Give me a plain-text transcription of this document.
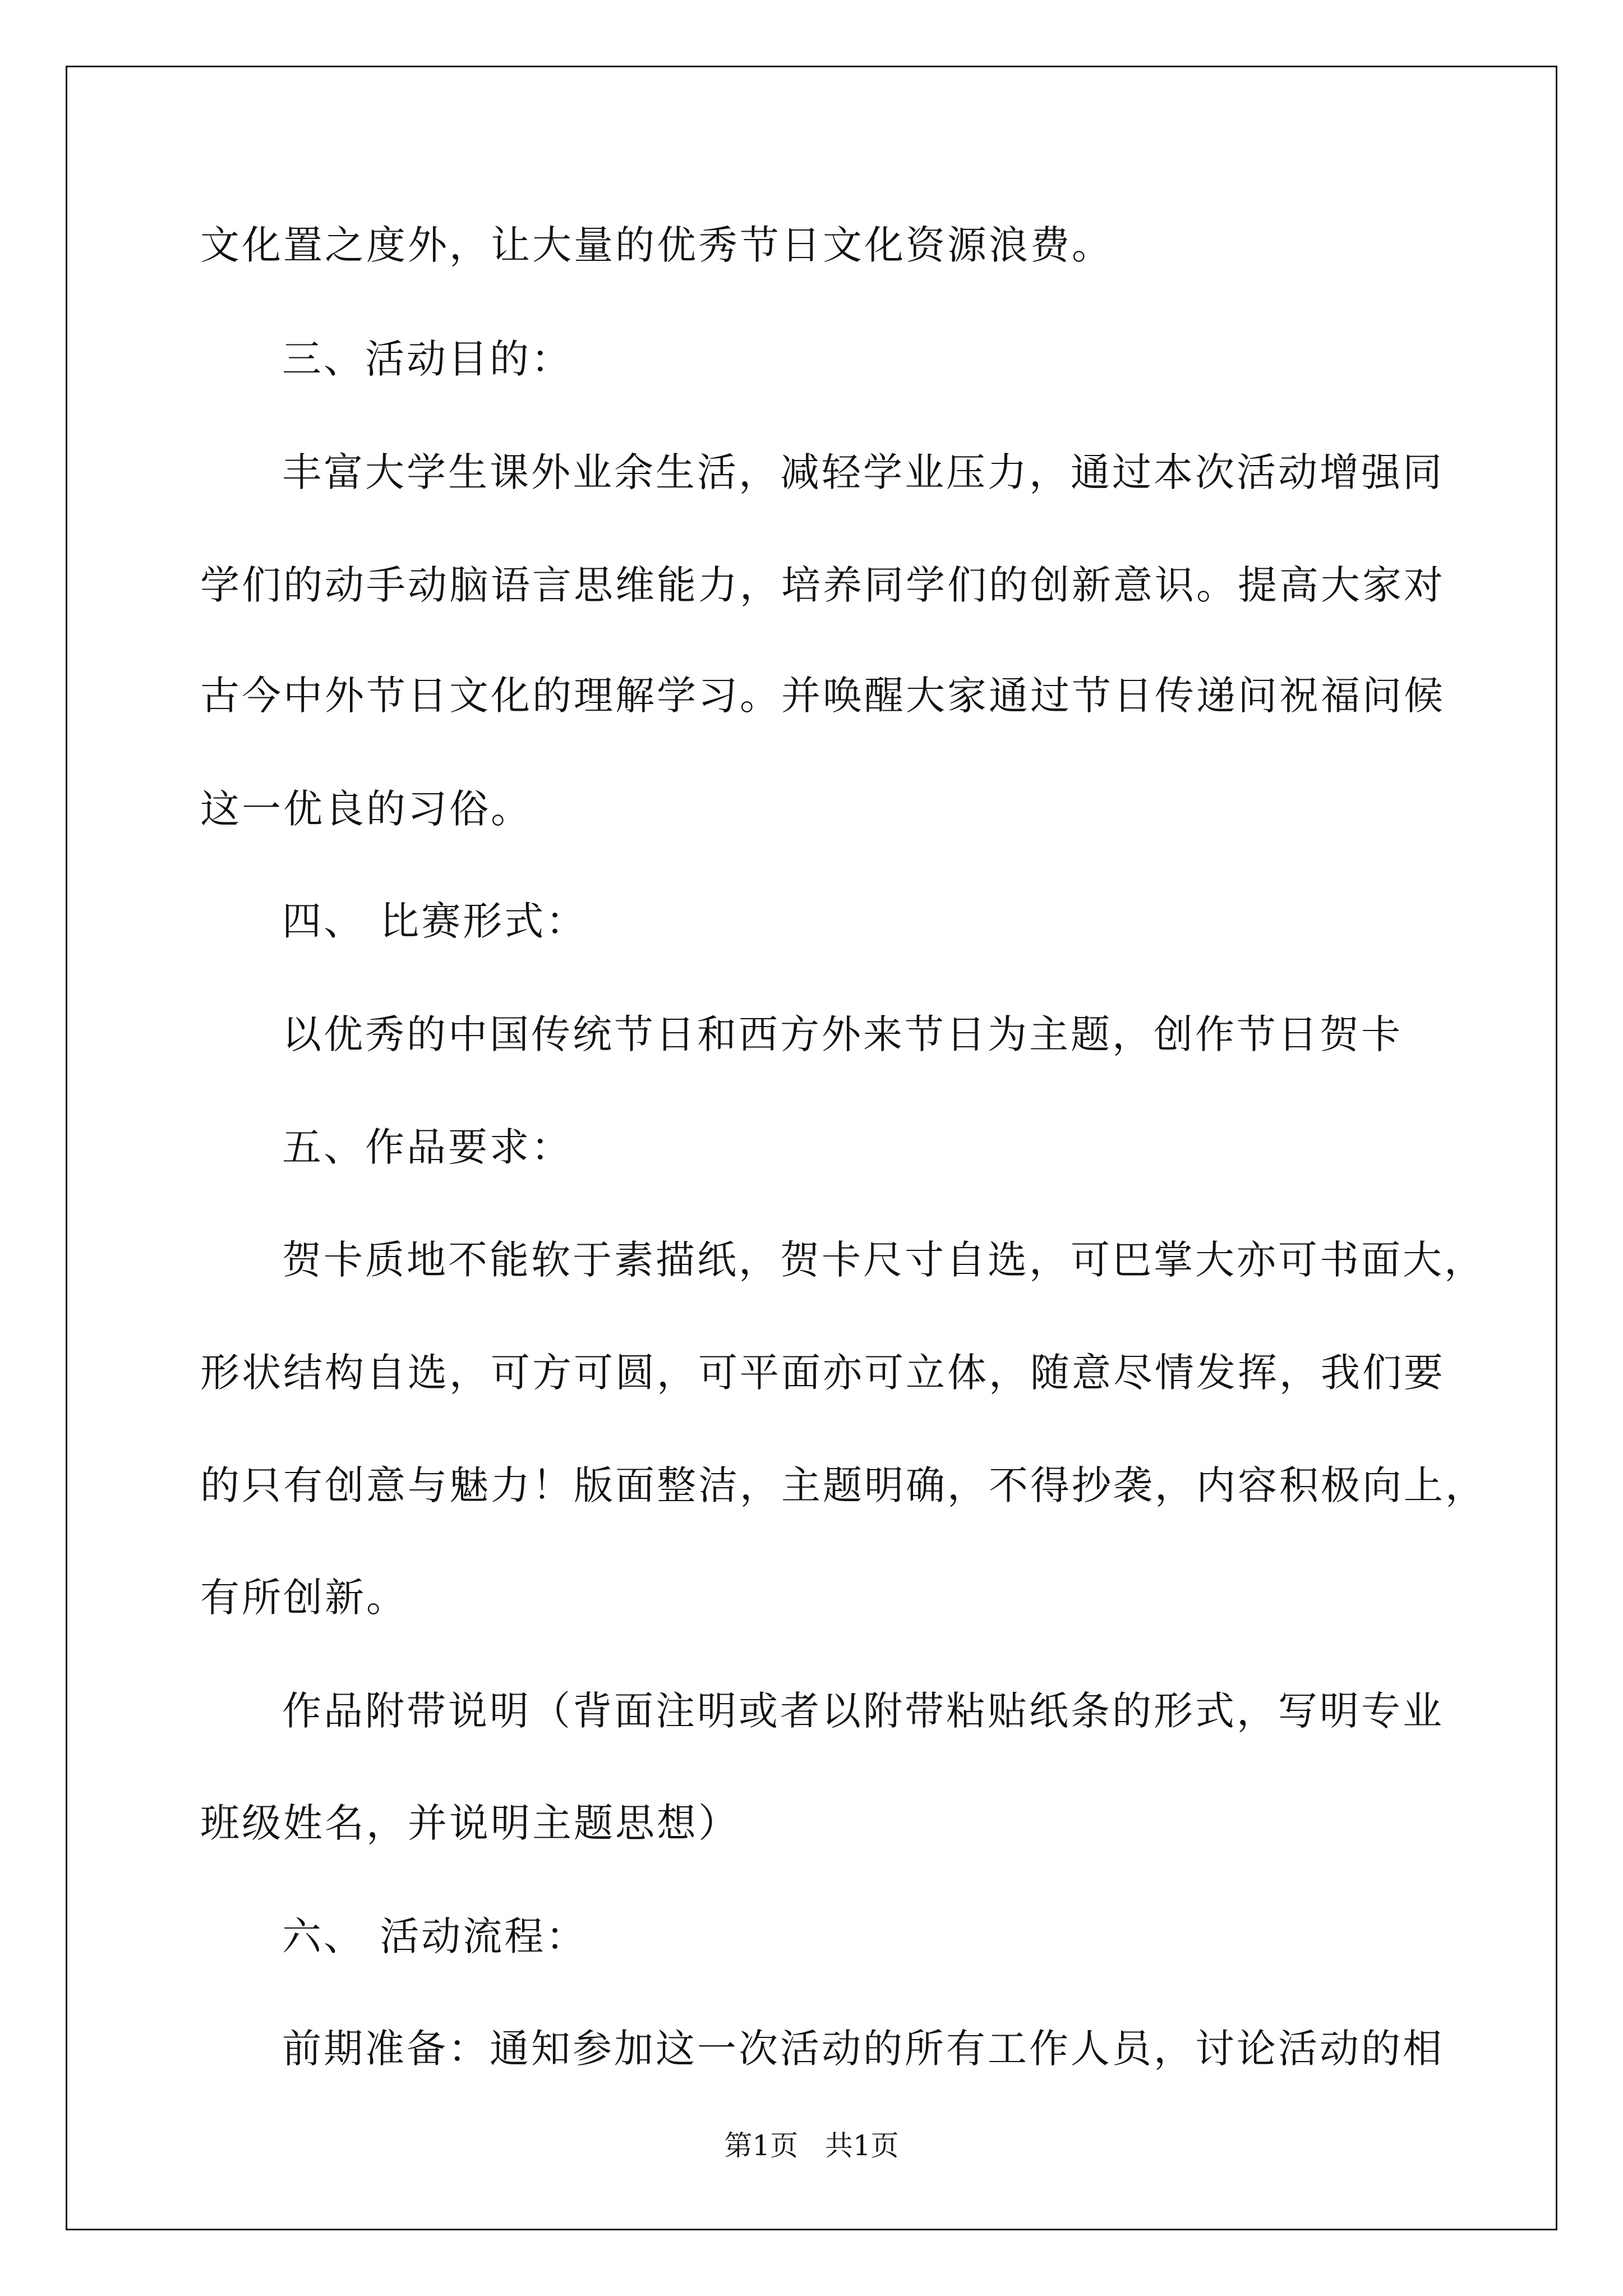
文化置之度外，让大量的优秀节日文化资源浪费。
三、活动目的：
丰富大学生课外业余生活，减轻学业压力，通过本次活动增强同
学们的动手动脑语言思维能力，培养同学们的创新意识。提高大家对
古今中外节日文化的理解学习。并唤醒大家通过节日传递问祝福问候
这一优良的习俗。
四、 比赛形式：
以优秀的中国传统节日和西方外来节日为主题，创作节日贺卡
五、作品要求：
贺卡质地不能软于素描纸，贺卡尺寸自选，可巴掌大亦可书面大，
形状结构自选，可方可圆，可平面亦可立体，随意尽情发挥，我们要
的只有创意与魅力！版面整洁，主题明确，不得抄袭，内容积极向上，
有所创新。
作品附带说明（背面注明或者以附带粘贴纸条的形式，写明专业
班级姓名，并说明主题思想）
六、 活动流程：
前期准备：通知参加这一次活动的所有工作人员，讨论活动的相
第1页   共1页
